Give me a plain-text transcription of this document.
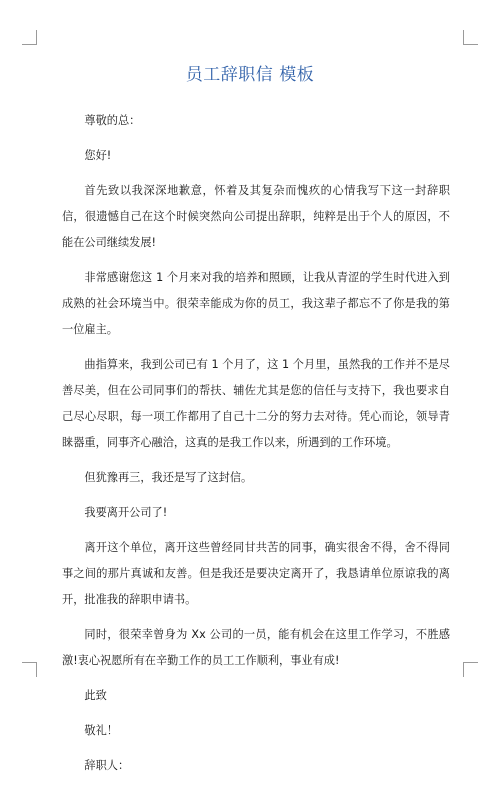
员工辞职信 模板

尊敬的总：

您好!

首先致以我深深地歉意，怀着及其复杂而愧疚的心情我写下这一封辞职信，很遗憾自己在这个时候突然向公司提出辞职，纯粹是出于个人的原因，不能在公司继续发展!

非常感谢您这 1 个月来对我的培养和照顾，让我从青涩的学生时代进入到成熟的社会环境当中。很荣幸能成为你的员工，我这辈子都忘不了你是我的第一位雇主。

曲指算来，我到公司已有 1 个月了，这 1 个月里，虽然我的工作并不是尽善尽美，但在公司同事们的帮扶、辅佐尤其是您的信任与支持下，我也要求自己尽心尽职，每一项工作都用了自己十二分的努力去对待。凭心而论，领导青睐器重，同事齐心融洽，这真的是我工作以来，所遇到的工作环境。

但犹豫再三，我还是写了这封信。

我要离开公司了!

离开这个单位，离开这些曾经同甘共苦的同事，确实很舍不得，舍不得同事之间的那片真诚和友善。但是我还是要决定离开了，我恳请单位原谅我的离开，批准我的辞职申请书。

同时，很荣幸曾身为 Xx 公司的一员，能有机会在这里工作学习，不胜感激!衷心祝愿所有在辛勤工作的员工工作顺利，事业有成!

此致

敬礼！

辞职人：
